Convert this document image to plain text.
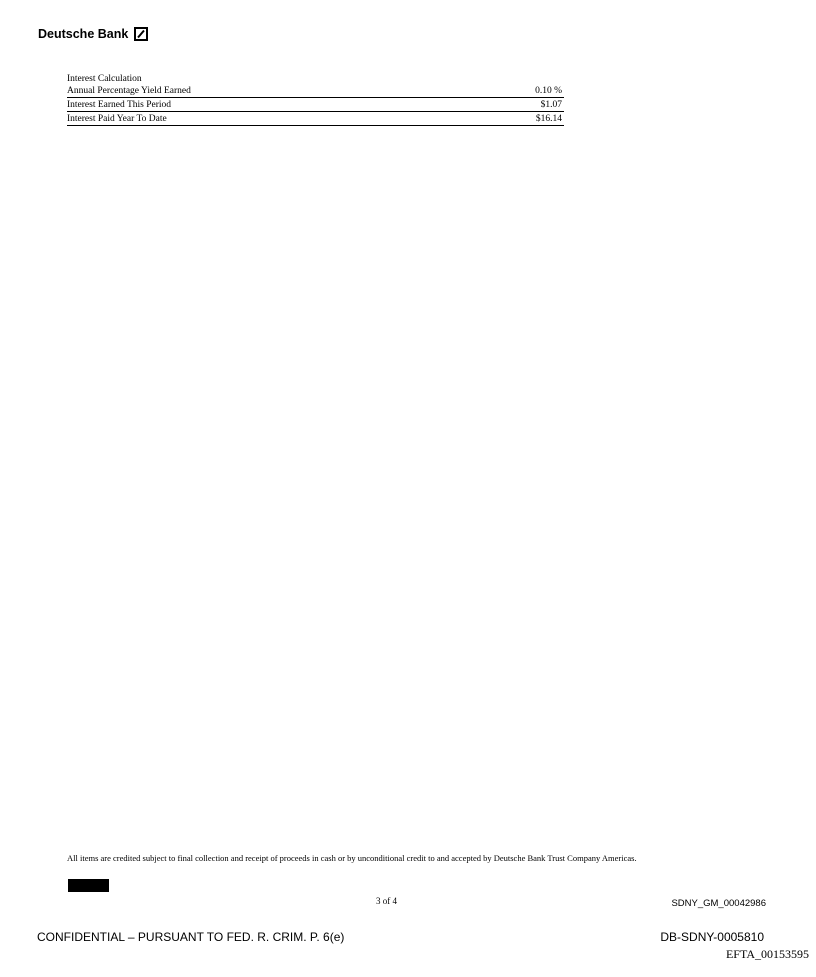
Deutsche Bank
Interest Calculation
Annual Percentage Yield Earned	0.10 %
Interest Earned This Period	$1.07
Interest Paid Year To Date	$16.14
All items are credited subject to final collection and receipt of proceeds in cash or by unconditional credit to and accepted by Deutsche Bank Trust Company Americas.
3 of 4	SDNY_GM_00042986
CONFIDENTIAL – PURSUANT TO FED. R. CRIM. P. 6(e)	DB-SDNY-0005810
EFTA_00153595
